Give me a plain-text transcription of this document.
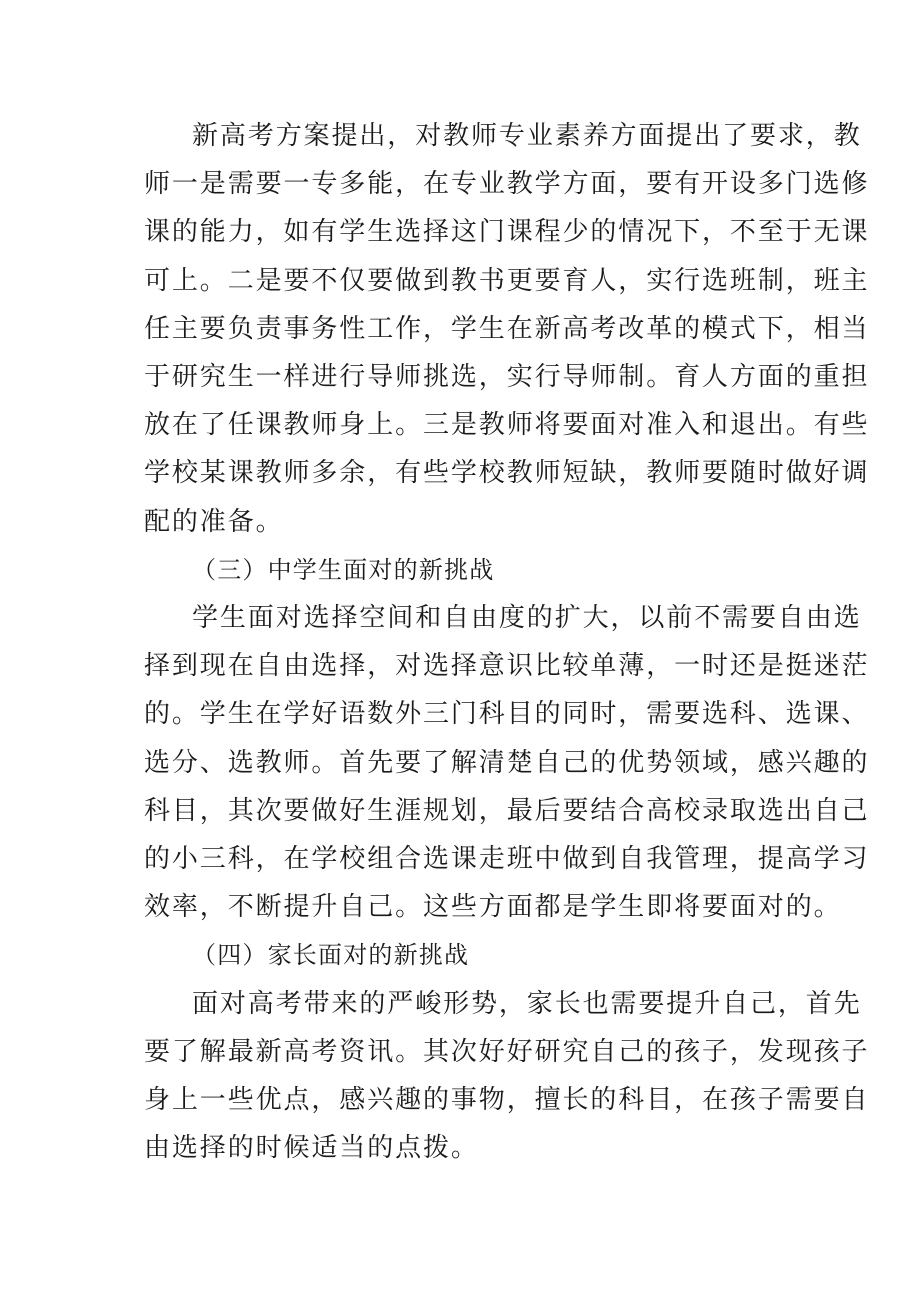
新高考方案提出，对教师专业素养方面提出了要求，教
师一是需要一专多能，在专业教学方面，要有开设多门选修
课的能力，如有学生选择这门课程少的情况下，不至于无课
可上。二是要不仅要做到教书更要育人，实行选班制，班主
任主要负责事务性工作，学生在新高考改革的模式下，相当
于研究生一样进行导师挑选，实行导师制。育人方面的重担
放在了任课教师身上。三是教师将要面对准入和退出。有些
学校某课教师多余，有些学校教师短缺，教师要随时做好调
配的准备。
（三）中学生面对的新挑战
学生面对选择空间和自由度的扩大，以前不需要自由选
择到现在自由选择，对选择意识比较单薄，一时还是挺迷茫
的。学生在学好语数外三门科目的同时，需要选科、选课、
选分、选教师。首先要了解清楚自己的优势领域，感兴趣的
科目，其次要做好生涯规划，最后要结合高校录取选出自己
的小三科，在学校组合选课走班中做到自我管理，提高学习
效率，不断提升自己。这些方面都是学生即将要面对的。
（四）家长面对的新挑战
面对高考带来的严峻形势，家长也需要提升自己，首先
要了解最新高考资讯。其次好好研究自己的孩子，发现孩子
身上一些优点，感兴趣的事物，擅长的科目，在孩子需要自
由选择的时候适当的点拨。
